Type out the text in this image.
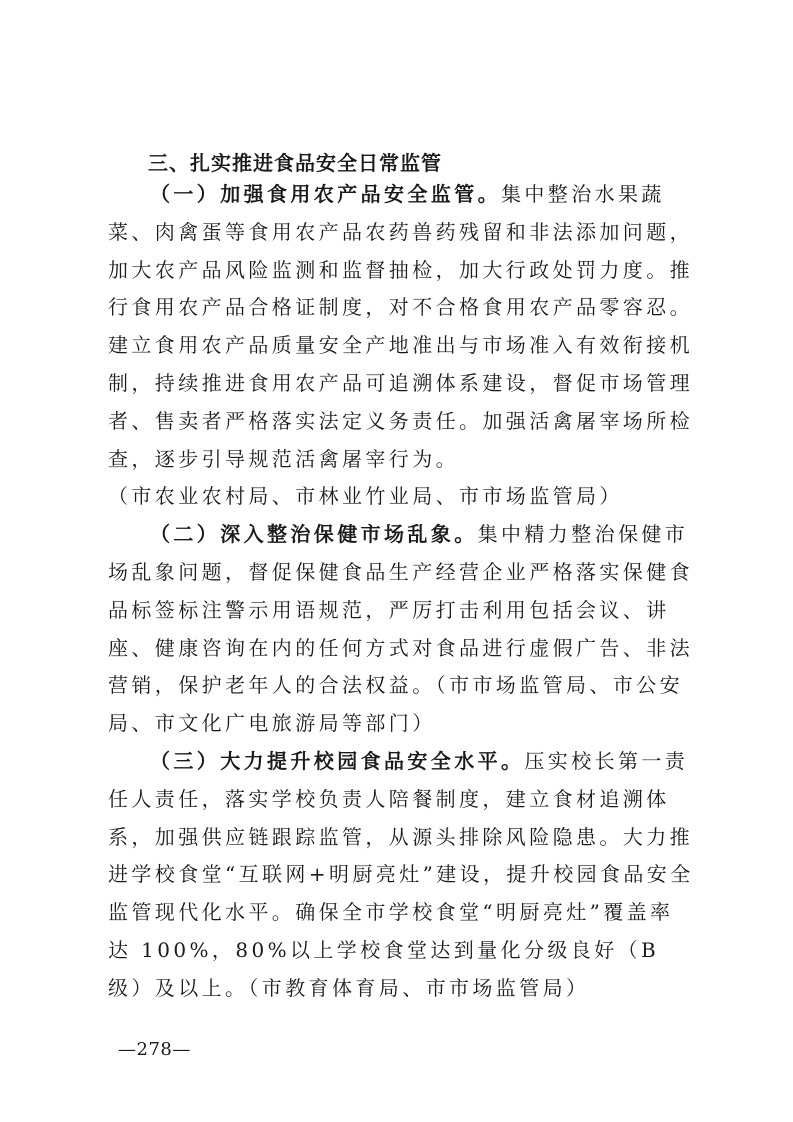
三、扎实推进食品安全日常监管

（一）加强食用农产品安全监管。集中整治水果蔬菜、肉禽蛋等食用农产品农药兽药残留和非法添加问题，加大农产品风险监测和监督抽检，加大行政处罚力度。推行食用农产品合格证制度，对不合格食用农产品零容忍。建立食用农产品质量安全产地准出与市场准入有效衔接机制，持续推进食用农产品可追溯体系建设，督促市场管理者、售卖者严格落实法定义务责任。加强活禽屠宰场所检查，逐步引导规范活禽屠宰行为。
（市农业农村局、市林业竹业局、市市场监管局）

（二）深入整治保健市场乱象。集中精力整治保健市场乱象问题，督促保健食品生产经营企业严格落实保健食品标签标注警示用语规范，严厉打击利用包括会议、讲座、健康咨询在内的任何方式对食品进行虚假广告、非法营销，保护老年人的合法权益。（市市场监管局、市公安局、市文化广电旅游局等部门）

（三）大力提升校园食品安全水平。压实校长第一责任人责任，落实学校负责人陪餐制度，建立食材追溯体系，加强供应链跟踪监管，从源头排除风险隐患。大力推进学校食堂“互联网+明厨亮灶”建设，提升校园食品安全监管现代化水平。确保全市学校食堂“明厨亮灶”覆盖率达 100%，80%以上学校食堂达到量化分级良好（B 级）及以上。（市教育体育局、市市场监管局）

—278—
